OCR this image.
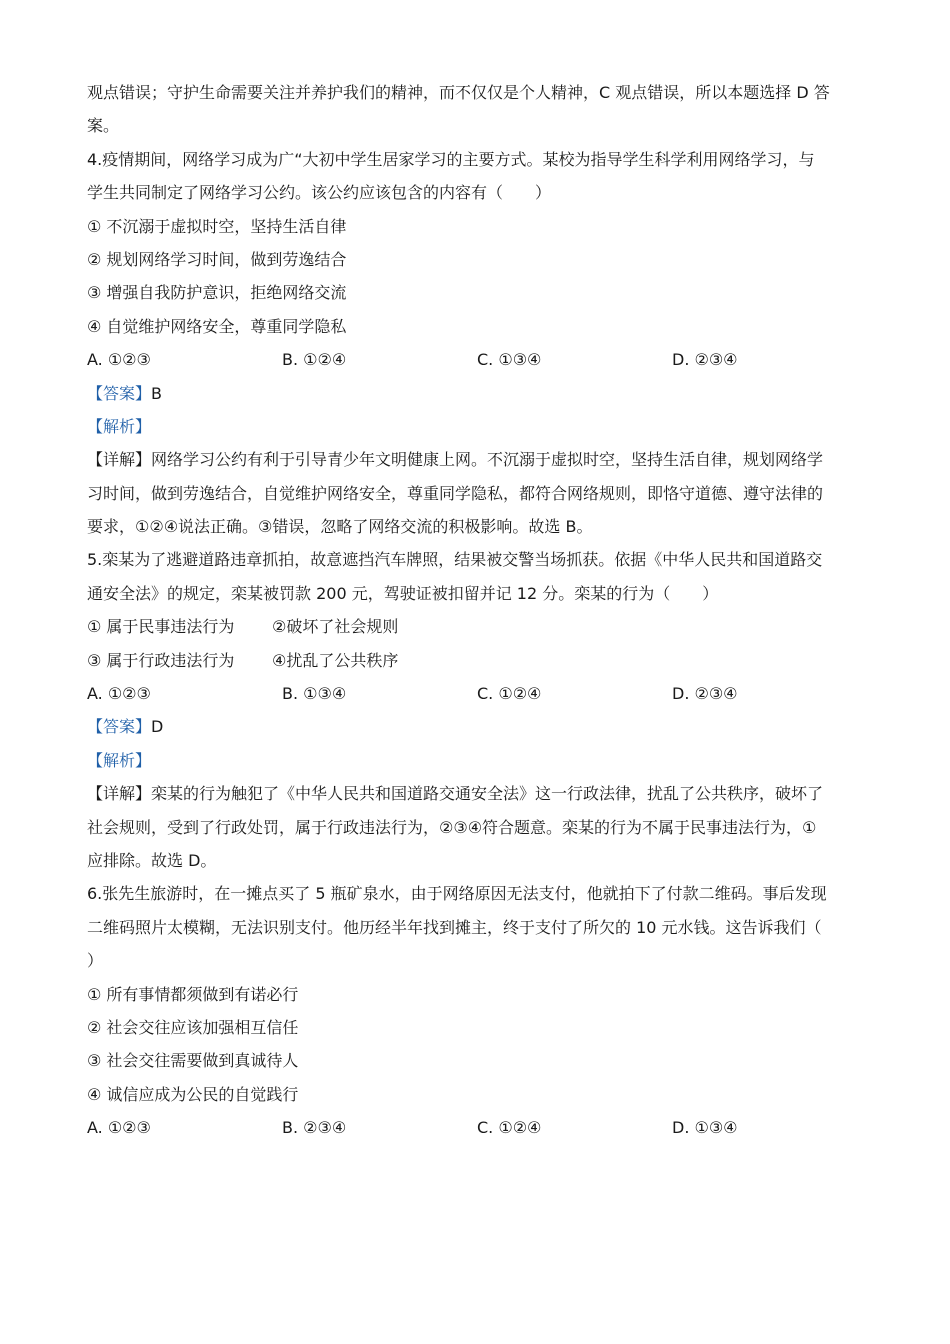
观点错误；守护生命需要关注并养护我们的精神，而不仅仅是个人精神，C 观点错误，所以本题选择 D 答
案。
4.疫情期间，网络学习成为广“大初中学生居家学习的主要方式。某校为指导学生科学利用网络学习，与
学生共同制定了网络学习公约。该公约应该包含的内容有（　　）
① 不沉溺于虚拟时空，坚持生活自律
② 规划网络学习时间，做到劳逸结合
③ 增强自我防护意识，拒绝网络交流
④ 自觉维护网络安全，尊重同学隐私
A. ①②③	B. ①②④	C. ①③④	D. ②③④
【答案】B
【解析】
【详解】网络学习公约有利于引导青少年文明健康上网。不沉溺于虚拟时空，坚持生活自律，规划网络学
习时间，做到劳逸结合，自觉维护网络安全，尊重同学隐私，都符合网络规则，即恪守道德、遵守法律的
要求，①②④说法正确。③错误，忽略了网络交流的积极影响。故选 B。
5.栾某为了逃避道路违章抓拍，故意遮挡汽车牌照，结果被交警当场抓获。依据《中华人民共和国道路交
通安全法》的规定，栾某被罚款 200 元，驾驶证被扣留并记 12 分。栾某的行为（　　）
① 属于民事违法行为	②破坏了社会规则
③ 属于行政违法行为	④扰乱了公共秩序
A. ①②③	B. ①③④	C. ①②④	D. ②③④
【答案】D
【解析】
【详解】栾某的行为触犯了《中华人民共和国道路交通安全法》这一行政法律，扰乱了公共秩序，破坏了
社会规则，受到了行政处罚，属于行政违法行为，②③④符合题意。栾某的行为不属于民事违法行为，①
应排除。故选 D。
6.张先生旅游时，在一摊点买了 5 瓶矿泉水，由于网络原因无法支付，他就拍下了付款二维码。事后发现
二维码照片太模糊，无法识别支付。他历经半年找到摊主，终于支付了所欠的 10 元水钱。这告诉我们（
）
① 所有事情都须做到有诺必行
② 社会交往应该加强相互信任
③ 社会交往需要做到真诚待人
④ 诚信应成为公民的自觉践行
A. ①②③	B. ②③④	C. ①②④	D. ①③④
